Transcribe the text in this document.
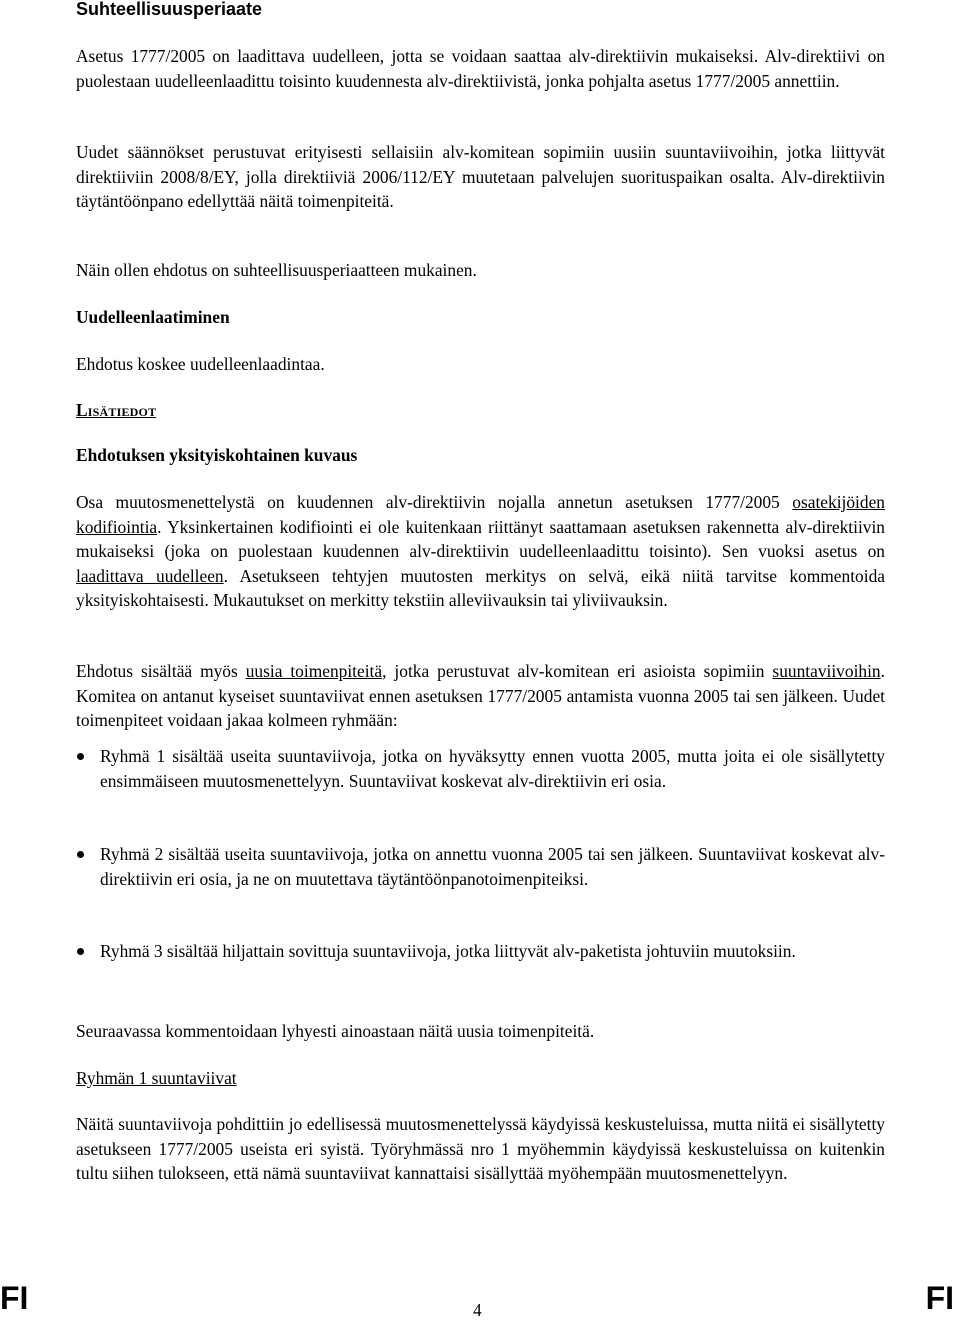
Suhteellisuusperiaate

Asetus 1777/2005 on laadittava uudelleen, jotta se voidaan saattaa alv-direktiivin mukaiseksi. Alv-direktiivi on puolestaan uudelleenlaadittu toisinto kuudennesta alv-direktiivistä, jonka pohjalta asetus 1777/2005 annettiin.

Uudet säännökset perustuvat erityisesti sellaisiin alv-komitean sopimiin uusiin suuntaviivoihin, jotka liittyvät direktiiviin 2008/8/EY, jolla direktiiviä 2006/112/EY muutetaan palvelujen suorituspaikan osalta. Alv-direktiivin täytäntöönpano edellyttää näitä toimenpiteitä.

Näin ollen ehdotus on suhteellisuusperiaatteen mukainen.

Uudelleenlaatiminen

Ehdotus koskee uudelleenlaadintaa.

Lisätiedot

Ehdotuksen yksityiskohtainen kuvaus

Osa muutosmenettelystä on kuudennen alv-direktiivin nojalla annetun asetuksen 1777/2005 osatekijöiden kodifiointia. Yksinkertainen kodifiointi ei ole kuitenkaan riittänyt saattamaan asetuksen rakennetta alv-direktiivin mukaiseksi (joka on puolestaan kuudennen alv-direktiivin uudelleenlaadittu toisinto). Sen vuoksi asetus on laadittava uudelleen. Asetukseen tehtyjen muutosten merkitys on selvä, eikä niitä tarvitse kommentoida yksityiskohtaisesti. Mukautukset on merkitty tekstiin alleviivauksin tai yliviivauksin.

Ehdotus sisältää myös uusia toimenpiteitä, jotka perustuvat alv-komitean eri asioista sopimiin suuntaviivoihin. Komitea on antanut kyseiset suuntaviivat ennen asetuksen 1777/2005 antamista vuonna 2005 tai sen jälkeen. Uudet toimenpiteet voidaan jakaa kolmeen ryhmään:

Ryhmä 1 sisältää useita suuntaviivoja, jotka on hyväksytty ennen vuotta 2005, mutta joita ei ole sisällytetty ensimmäiseen muutosmenettelyyn. Suuntaviivat koskevat alv-direktiivin eri osia.

Ryhmä 2 sisältää useita suuntaviivoja, jotka on annettu vuonna 2005 tai sen jälkeen. Suuntaviivat koskevat alv-direktiivin eri osia, ja ne on muutettava täytäntöönpanotoimenpiteiksi.

Ryhmä 3 sisältää hiljattain sovittuja suuntaviivoja, jotka liittyvät alv-paketista johtuviin muutoksiin.

Seuraavassa kommentoidaan lyhyesti ainoastaan näitä uusia toimenpiteitä.

Ryhmän 1 suuntaviivat

Näitä suuntaviivoja pohdittiin jo edellisessä muutosmenettelyssä käydyissä keskusteluissa, mutta niitä ei sisällytetty asetukseen 1777/2005 useista eri syistä. Työryhmässä nro 1 myöhemmin käydyissä keskusteluissa on kuitenkin tultu siihen tulokseen, että nämä suuntaviivat kannattaisi sisällyttää myöhempään muutosmenettelyyn.

FI	4	FI
